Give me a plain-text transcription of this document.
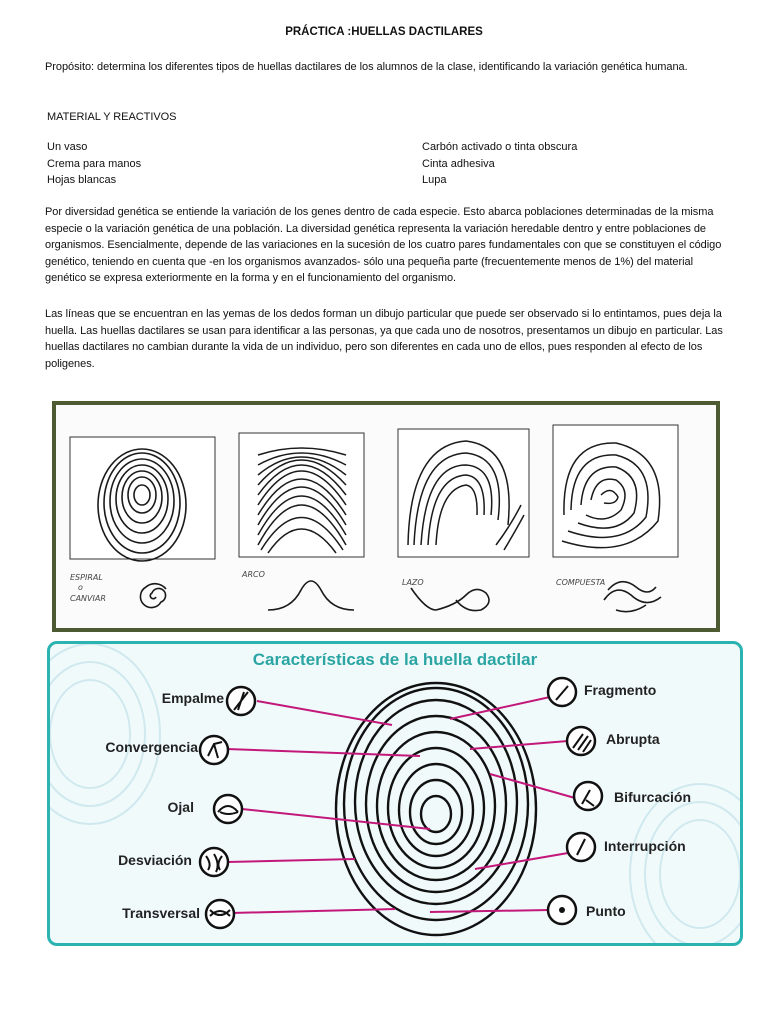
PRÁCTICA :HUELLAS DACTILARES
Propósito: determina los diferentes tipos de huellas dactilares de los alumnos de la clase, identificando la variación genética humana.
MATERIAL Y REACTIVOS
Un vaso
Crema para manos
Hojas blancas
Carbón activado o tinta obscura
Cinta adhesiva
Lupa
Por diversidad genética se entiende la variación de los genes dentro de cada especie. Esto abarca poblaciones determinadas de la misma especie o la variación genética de una población. La diversidad genética representa la variación heredable dentro y entre poblaciones de organismos. Esencialmente, depende de las variaciones en la sucesión de los cuatro pares fundamentales con que se constituyen el código genético, teniendo en cuenta que -en los organismos avanzados- sólo una pequeña parte (frecuentemente menos de 1%) del material genético se expresa exteriormente en la forma y en el funcionamiento del organismo.
Las líneas que se encuentran en las yemas de los dedos forman un dibujo particular que puede ser observado si lo entintamos, pues deja la huella. Las huellas dactilares se usan para identificar a las personas, ya que cada uno de nosotros, presentamos un dibujo en particular. Las huellas dactilares no cambian durante la vida de un individuo, pero son diferentes en cada uno de ellos, pues responden al efecto de los poligenes.
ESPIRAL
o
CANVIAR
ARCO
LAZO	COMPUESTA
Características de la huella dactilar
Empalme
Convergencia
Ojal
Desviación
Transversal
Fragmento
Abrupta
Bifurcación
Interrupción
Punto
